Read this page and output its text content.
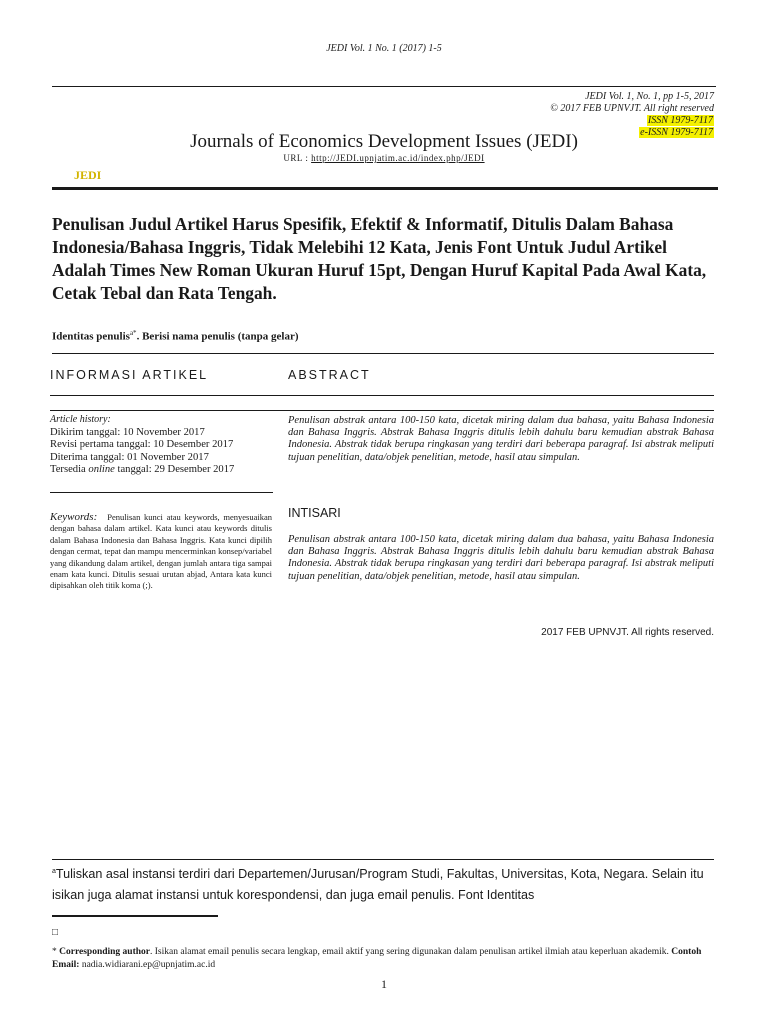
JEDI Vol. 1 No. 1 (2017) 1-5
JEDI Vol. 1, No. 1, pp 1-5, 2017
© 2017 FEB UPNVJT. All right reserved
ISSN 1979-7117
e-ISSN 1979-7117
Journals of Economics Development Issues (JEDI)
URL : http://JEDI.upnjatim.ac.id/index.php/JEDI
JEDI
Penulisan Judul Artikel Harus Spesifik, Efektif & Informatif, Ditulis Dalam Bahasa Indonesia/Bahasa Inggris, Tidak Melebihi 12 Kata, Jenis Font Untuk Judul Artikel Adalah Times New Roman Ukuran Huruf 15pt, Dengan Huruf Kapital Pada Awal Kata, Cetak Tebal dan Rata Tengah.
Identitas penulis$^{a*}$. Berisi nama penulis (tanpa gelar)
INFORMASI ARTIKEL	ABSTRACT
Article history:
Dikirim tanggal: 10 November 2017
Revisi pertama tanggal: 10 Desember 2017
Diterima tanggal: 01 November 2017
Tersedia online tanggal: 29 Desember 2017
Keywords: Penulisan kunci atau keywords, menyesuaikan dengan bahasa dalam artikel. Kata kunci atau keywords ditulis dalam Bahasa Indonesia dan Bahasa Inggris. Kata kunci dipilih dengan cermat, tepat dan mampu mencerminkan konsep/variabel yang dikandung dalam artikel, dengan jumlah antara tiga sampai enam kata kunci. Ditulis sesuai urutan abjad, Antara kata kunci dipisahkan oleh titik koma (;).
Penulisan abstrak antara 100-150 kata, dicetak miring dalam dua bahasa, yaitu Bahasa Indonesia dan Bahasa Inggris. Abstrak Bahasa Inggris ditulis lebih dahulu baru kemudian abstrak Bahasa Indonesia. Abstrak tidak berupa ringkasan yang terdiri dari beberapa paragraf. Isi abstrak meliputi tujuan penelitian, data/objek penelitian, metode, hasil atau simpulan.
INTISARI
Penulisan abstrak antara 100-150 kata, dicetak miring dalam dua bahasa, yaitu Bahasa Indonesia dan Bahasa Inggris. Abstrak Bahasa Inggris ditulis lebih dahulu baru kemudian abstrak Bahasa Indonesia. Abstrak tidak berupa ringkasan yang terdiri dari beberapa paragraf. Isi abstrak meliputi tujuan penelitian, data/objek penelitian, metode, hasil atau simpulan.
2017 FEB UPNVJT. All rights reserved.
$^a$Tuliskan asal instansi terdiri dari Departemen/Jurusan/Program Studi, Fakultas, Universitas, Kota, Negara. Selain itu isikan juga alamat instansi untuk korespondensi, dan juga email penulis. Font Identitas
□
* Corresponding author. Isikan alamat email penulis secara lengkap, email aktif yang sering digunakan dalam penulisan artikel ilmiah atau keperluan akademik. Contoh Email: nadia.widiarani.ep@upnjatim.ac.id
1
